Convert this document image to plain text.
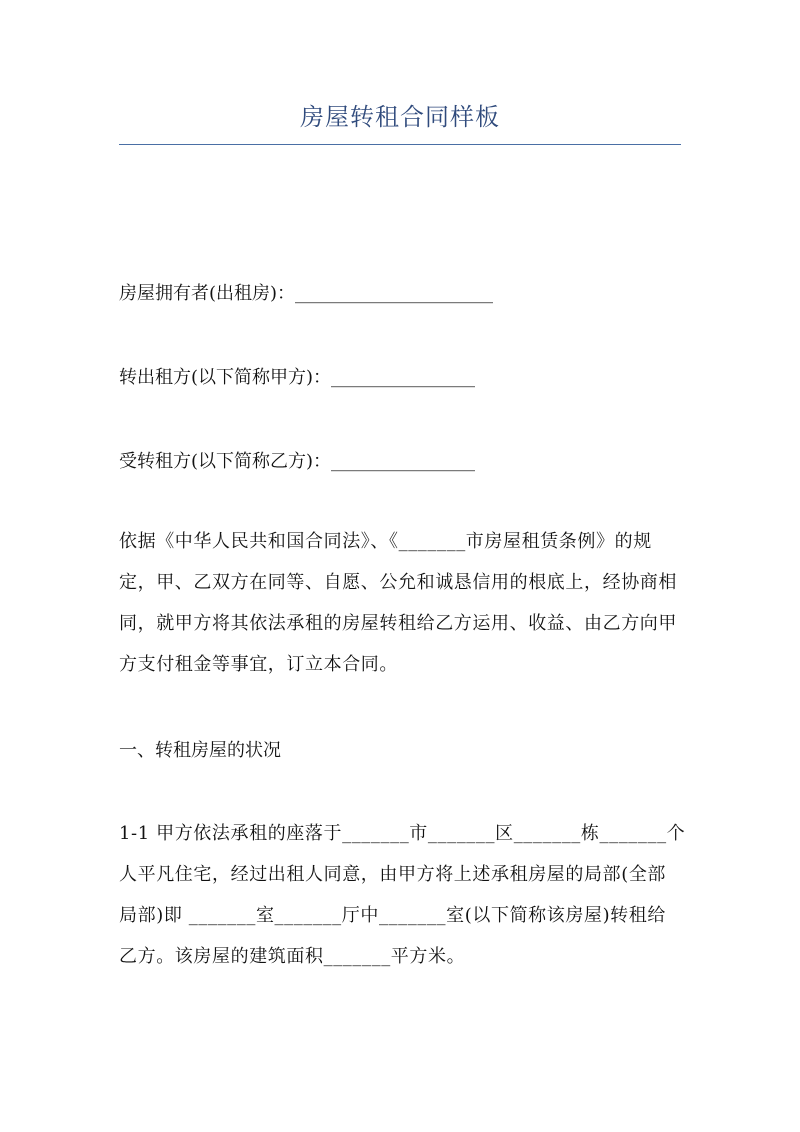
房屋转租合同样板
房屋拥有者(出租房)：______________________
转出租方(以下简称甲方)：________________
受转租方(以下简称乙方)：________________
依据《中华人民共和国合同法》、《_______市房屋租赁条例》的规
定，甲、乙双方在同等、自愿、公允和诚恳信用的根底上，经协商相
同，就甲方将其依法承租的房屋转租给乙方运用、收益、由乙方向甲
方支付租金等事宜，订立本合同。
一、转租房屋的状况
1-1 甲方依法承租的座落于_______市_______区_______栋_______个
人平凡住宅，经过出租人同意，由甲方将上述承租房屋的局部(全部
局部)即 _______室_______厅中_______室(以下简称该房屋)转租给
乙方。该房屋的建筑面积_______平方米。
